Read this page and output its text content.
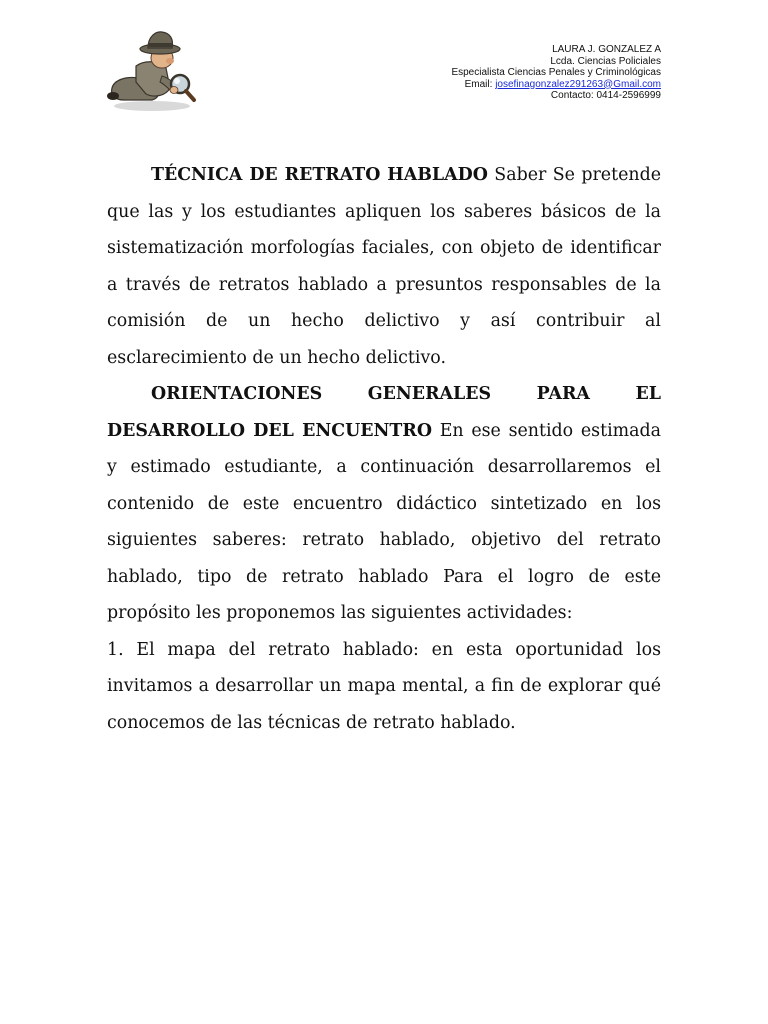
LAURA J. GONZALEZ A
Lcda. Ciencias Policiales
Especialista Ciencias Penales y Criminológicas
Email: josefinagonzalez291263@Gmail.com
Contacto: 0414-2596999

TÉCNICA DE RETRATO HABLADO Saber Se pretende que las y los estudiantes apliquen los saberes básicos de la sistematización morfologías faciales, con objeto de identificar a través de retratos hablado a presuntos responsables de la comisión de un hecho delictivo y así contribuir al esclarecimiento de un hecho delictivo.

ORIENTACIONES GENERALES PARA EL DESARROLLO DEL ENCUENTRO En ese sentido estimada y estimado estudiante, a continuación desarrollaremos el contenido de este encuentro didáctico sintetizado en los siguientes saberes: retrato hablado, objetivo del retrato hablado, tipo de retrato hablado Para el logro de este propósito les proponemos las siguientes actividades:

1. El mapa del retrato hablado: en esta oportunidad los invitamos a desarrollar un mapa mental, a fin de explorar qué conocemos de las técnicas de retrato hablado.
